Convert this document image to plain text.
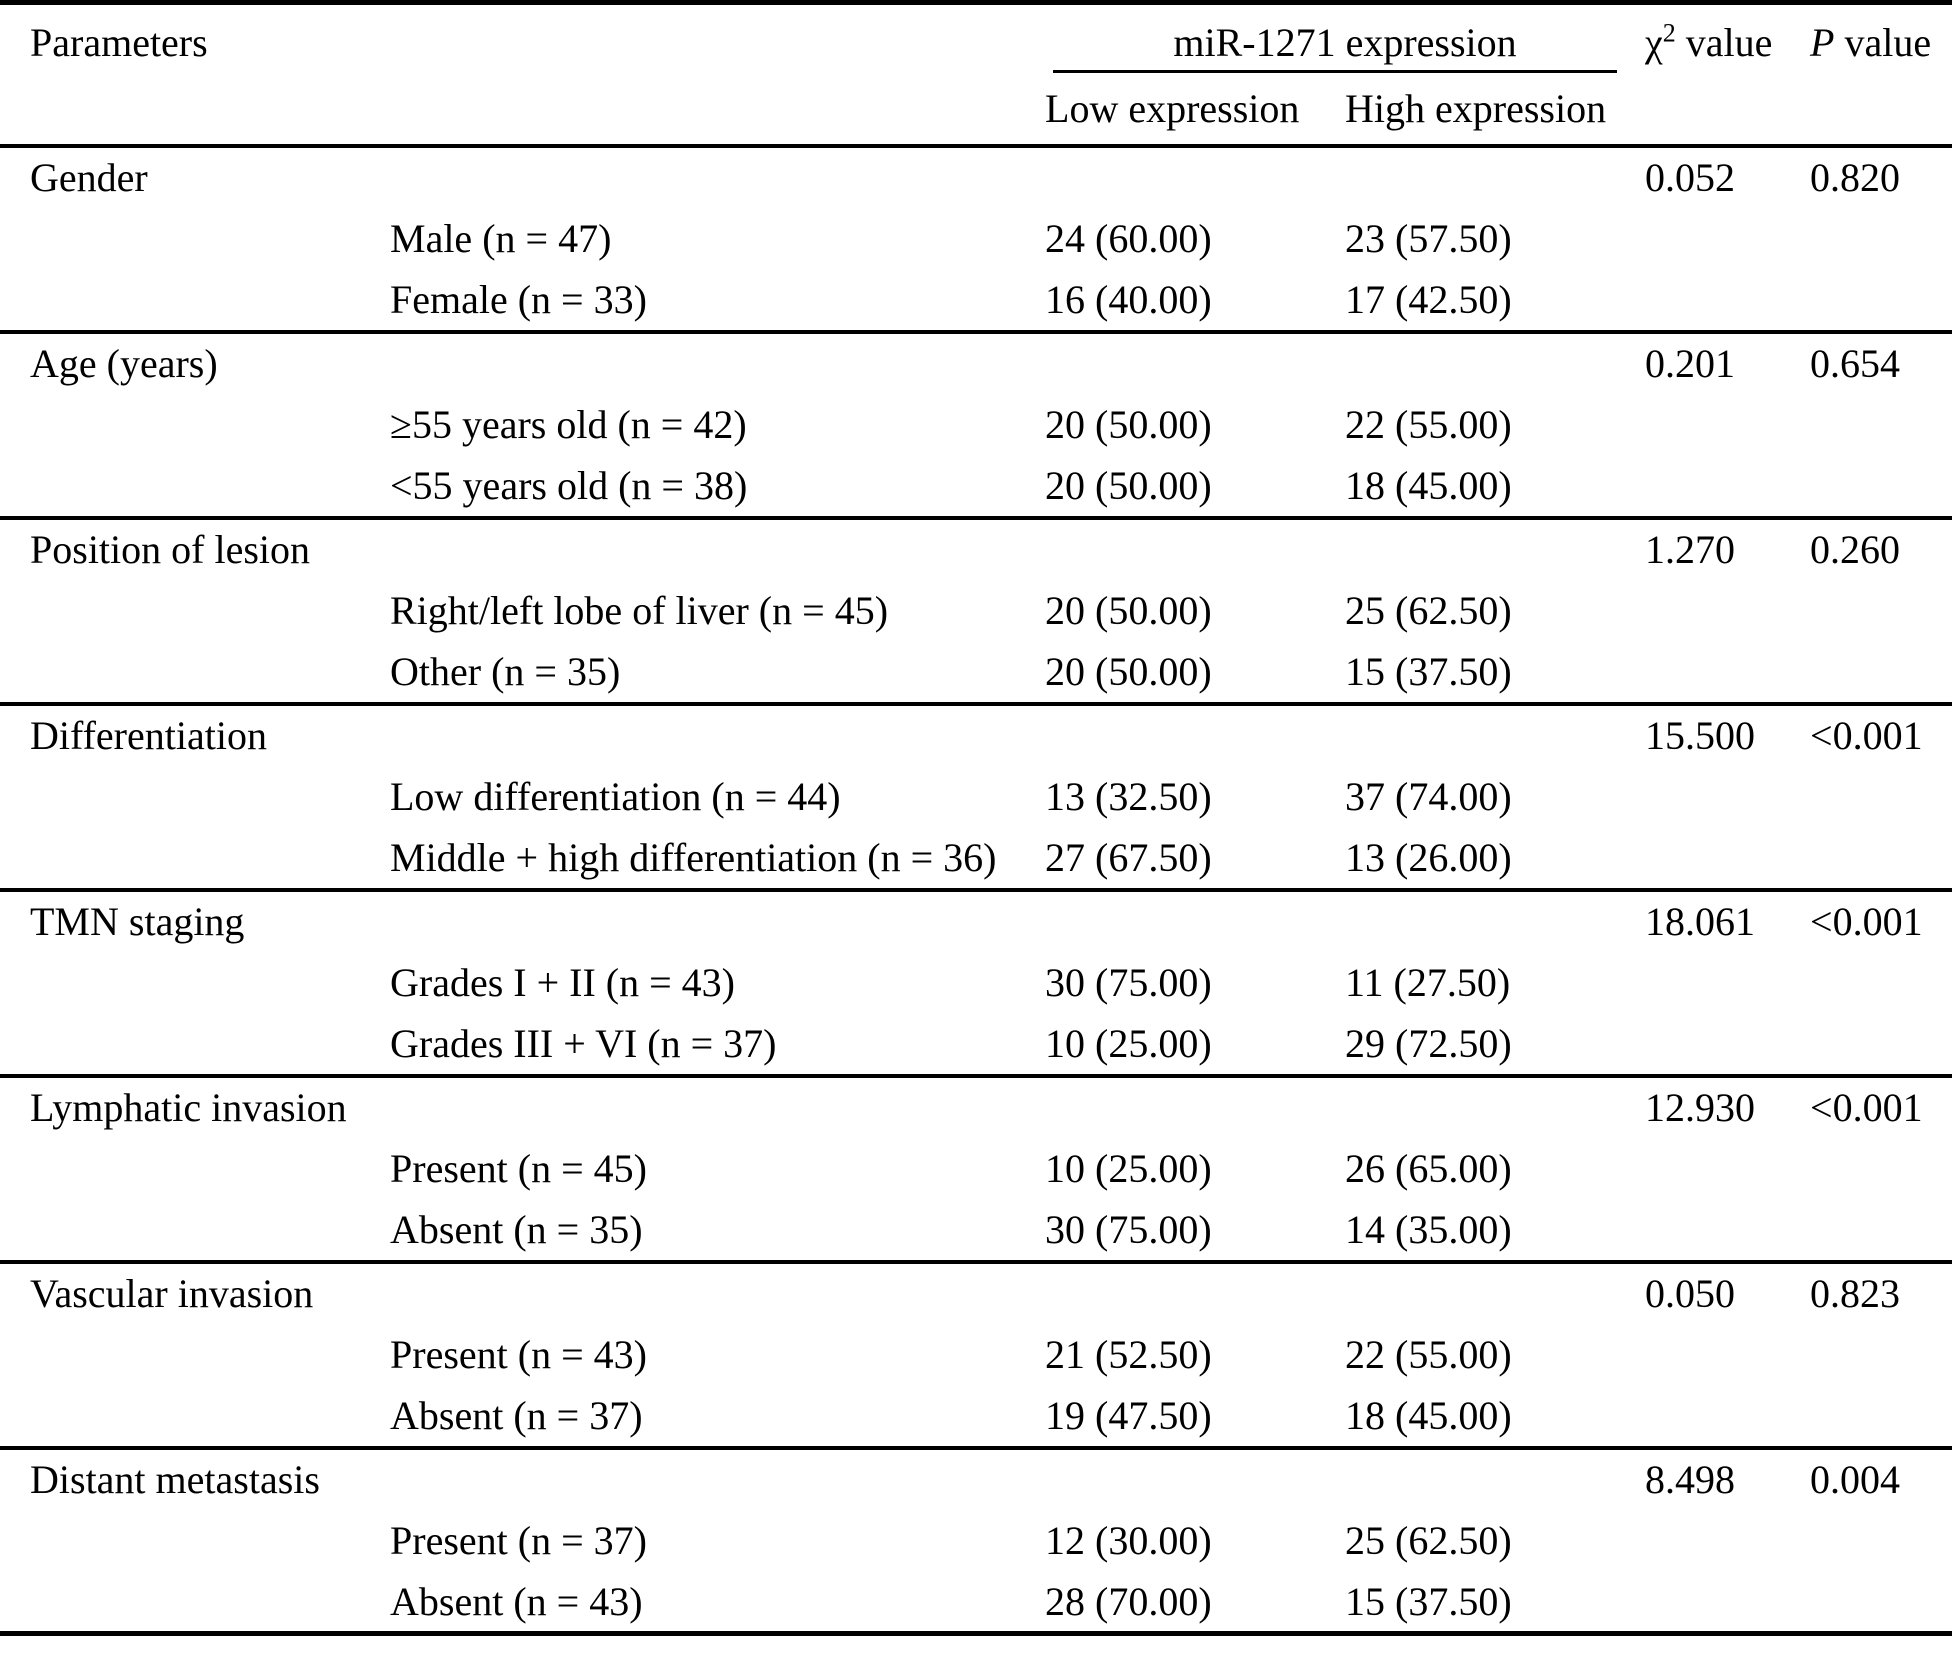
Parameters		miR-1271 expression		$\chi^2$ value	P value
		Low expression	High expression		
Gender				0.052	0.820
	Male (n = 47)	24 (60.00)	23 (57.50)		
	Female (n = 33)	16 (40.00)	17 (42.50)		
Age (years)				0.201	0.654
	≥55 years old (n = 42)	20 (50.00)	22 (55.00)		
	<55 years old (n = 38)	20 (50.00)	18 (45.00)		
Position of lesion				1.270	0.260
	Right/left lobe of liver (n = 45)	20 (50.00)	25 (62.50)		
	Other (n = 35)	20 (50.00)	15 (37.50)		
Differentiation				15.500	<0.001
	Low differentiation (n = 44)	13 (32.50)	37 (74.00)		
	Middle + high differentiation (n = 36)	27 (67.50)	13 (26.00)		
TMN staging				18.061	<0.001
	Grades I + II (n = 43)	30 (75.00)	11 (27.50)		
	Grades III + VI (n = 37)	10 (25.00)	29 (72.50)		
Lymphatic invasion				12.930	<0.001
	Present (n = 45)	10 (25.00)	26 (65.00)		
	Absent (n = 35)	30 (75.00)	14 (35.00)		
Vascular invasion				0.050	0.823
	Present (n = 43)	21 (52.50)	22 (55.00)		
	Absent (n = 37)	19 (47.50)	18 (45.00)		
Distant metastasis				8.498	0.004
	Present (n = 37)	12 (30.00)	25 (62.50)		
	Absent (n = 43)	28 (70.00)	15 (37.50)		
